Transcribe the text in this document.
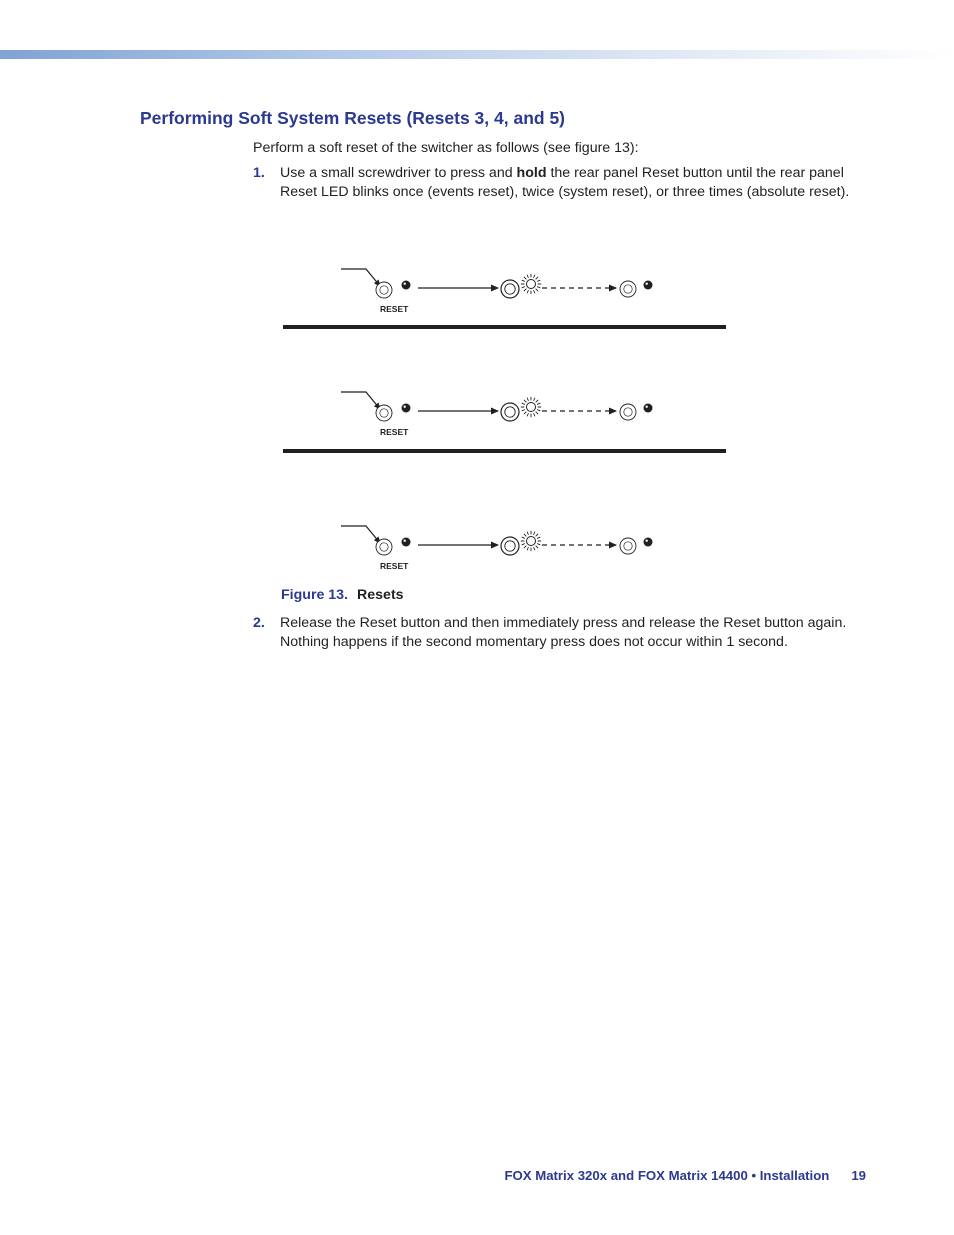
Performing Soft System Resets (Resets 3, 4, and 5)

Perform a soft reset of the switcher as follows (see figure 13):

1. Use a small screwdriver to press and hold the rear panel Reset button until the rear panel Reset LED blinks once (events reset), twice (system reset), or three times (absolute reset).
RESET
RESET
RESET
Figure 13. Resets
2. Release the Reset button and then immediately press and release the Reset button again. Nothing happens if the second momentary press does not occur within 1 second.
FOX Matrix 320x and FOX Matrix 14400 • Installation 19
